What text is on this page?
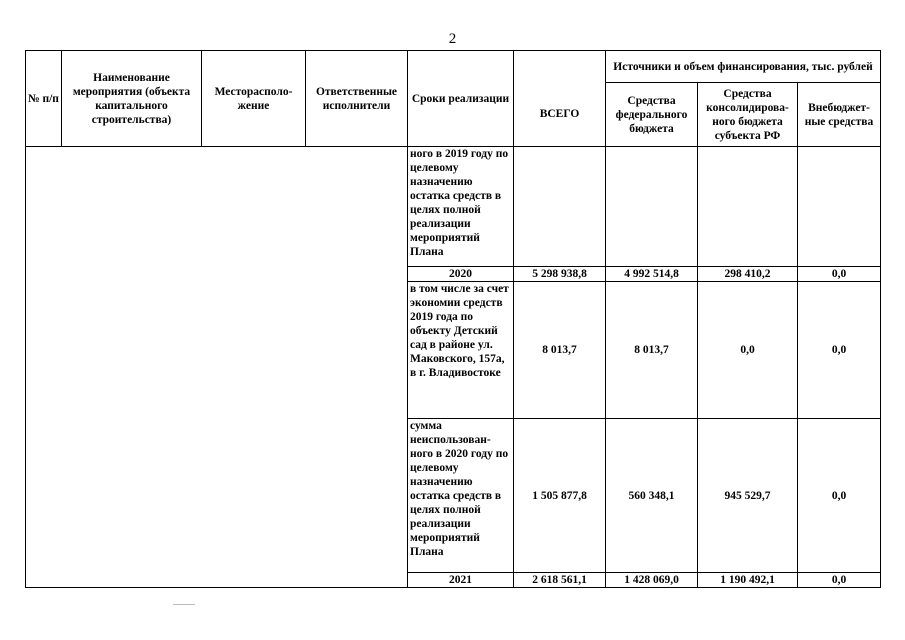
2
№ п/п	Наименование мероприятия (объекта капитального строительства)	Месторасполо-жение	Ответственные исполнители	Сроки реализации	ВСЕГО	Источники и объем финансирования, тыс. рублей		
						Средства федерального бюджета	Средства консолидирова-ного бюджета субъекта РФ	Внебюджет-ные средства
				ного в 2019 году по целевому назначению остатка средств в целях полной реализации мероприятий Плана				
				2020	5 298 938,8	4 992 514,8	298 410,2	0,0
				в том числе за счет экономии средств 2019 года по объекту Детский сад в районе ул. Маковского, 157а, в г. Владивостоке	8 013,7	8 013,7	0,0	0,0
				сумма неиспользован-ного в 2020 году по целевому назначению остатка средств в целях полной реализации мероприятий Плана	1 505 877,8	560 348,1	945 529,7	0,0
				2021	2 618 561,1	1 428 069,0	1 190 492,1	0,0
